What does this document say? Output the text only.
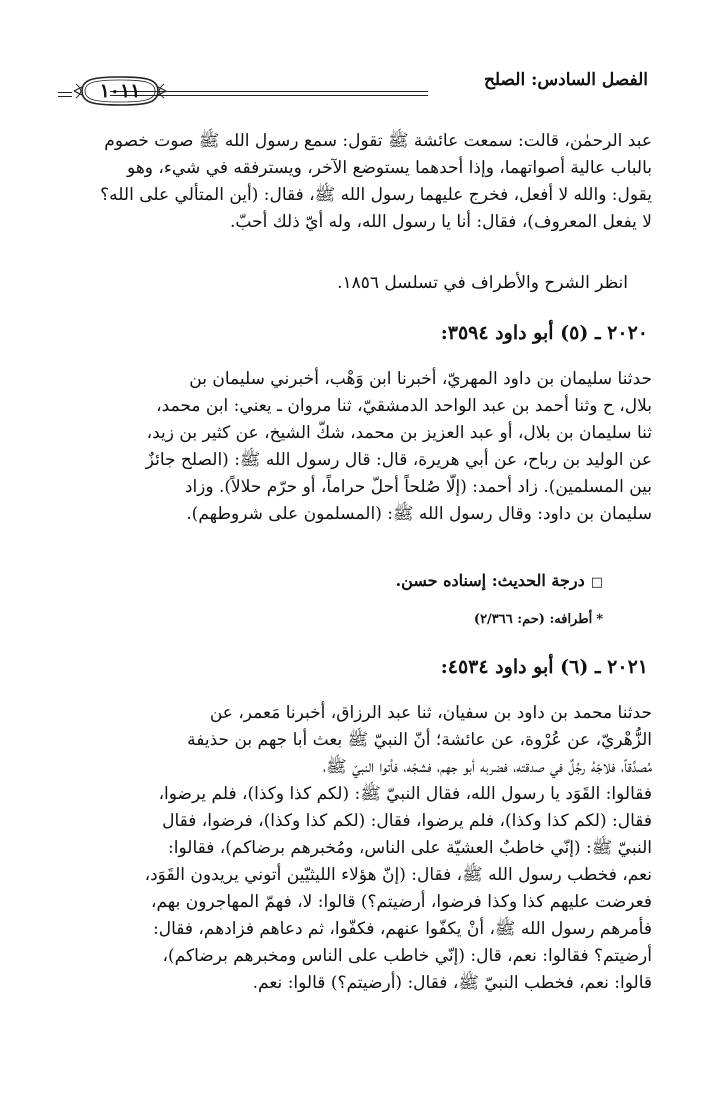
الفصل السادس: الصلح
١٠١١
عبد الرحمٰن، قالت: سمعت عائشة ﷺ تقول: سمع رسول الله ﷺ صوت خصوم
بالباب عالية أصواتهما، وإذا أحدهما يستوضع الآخر، ويسترفقه في شيء، وهو
يقول: والله لا أفعل، فخرج عليهما رسول الله ﷺ، فقال: (أين المتألي على الله؟
لا يفعل المعروف)، فقال: أنا يا رسول الله، وله أيّ ذلك أحبّ.
انظر الشرح والأطراف في تسلسل ١٨٥٦.
٢٠٢٠ ـ (٥) أبو داود ٣٥٩٤:
حدثنا سليمان بن داود المهريّ، أخبرنا ابن وَهْب، أخبرني سليمان بن
بلال، ح وثنا أحمد بن عبد الواحد الدمشقيّ، ثنا مروان ـ يعني: ابن محمد،
ثنا سليمان بن بلال، أو عبد العزيز بن محمد، شكّ الشيخ، عن كثير بن زيد،
عن الوليد بن رباح، عن أبي هريرة، قال: قال رسول الله ﷺ: (الصلح جائزٌ
بين المسلمين). زاد أحمد: (إلّا صُلحاً أحلّ حراماً، أو حرّم حلالاً). وزاد
سليمان بن داود: وقال رسول الله ﷺ: (المسلمون على شروطهم).
□درجة الحديث: إسناده حسن.
*أطرافه: (حم: ٢/٣٦٦)
٢٠٢١ ـ (٦) أبو داود ٤٥٣٤:
حدثنا محمد بن داود بن سفيان، ثنا عبد الرزاق، أخبرنا مَعمر، عن
الزُّهْريّ، عن عُرْوة، عن عائشة؛ أنّ النبيّ ﷺ بعث أبا جهم بن حذيفة
مُصدِّقاً، فلاجّهُ رجُلٌ في صدقته، فضربه أبو جهم، فشجّه، فأتوا النبيّ ﷺ،
فقالوا: القَوَد يا رسول الله، فقال النبيّ ﷺ: (لكم كذا وكذا)، فلم يرضوا،
فقال: (لكم كذا وكذا)، فلم يرضوا، فقال: (لكم كذا وكذا)، فرضوا، فقال
النبيّ ﷺ: (إنّي خاطبٌ العشيّة على الناس، ومُخبرهم برضاكم)، فقالوا:
نعم، فخطب رسول الله ﷺ، فقال: (إنّ هؤلاء الليثيّين أتوني يريدون القَوَد،
فعرضت عليهم كذا وكذا فرضوا، أرضيتم؟) قالوا: لا، فهمّ المهاجرون بهم،
فأمرهم رسول الله ﷺ، أنْ يكفّوا عنهم، فكفّوا، ثم دعاهم فزادهم، فقال:
أرضيتم؟ فقالوا: نعم، قال: (إنّي خاطب على الناس ومخبرهم برضاكم)،
قالوا: نعم، فخطب النبيّ ﷺ، فقال: (أرضيتم؟) قالوا: نعم.
